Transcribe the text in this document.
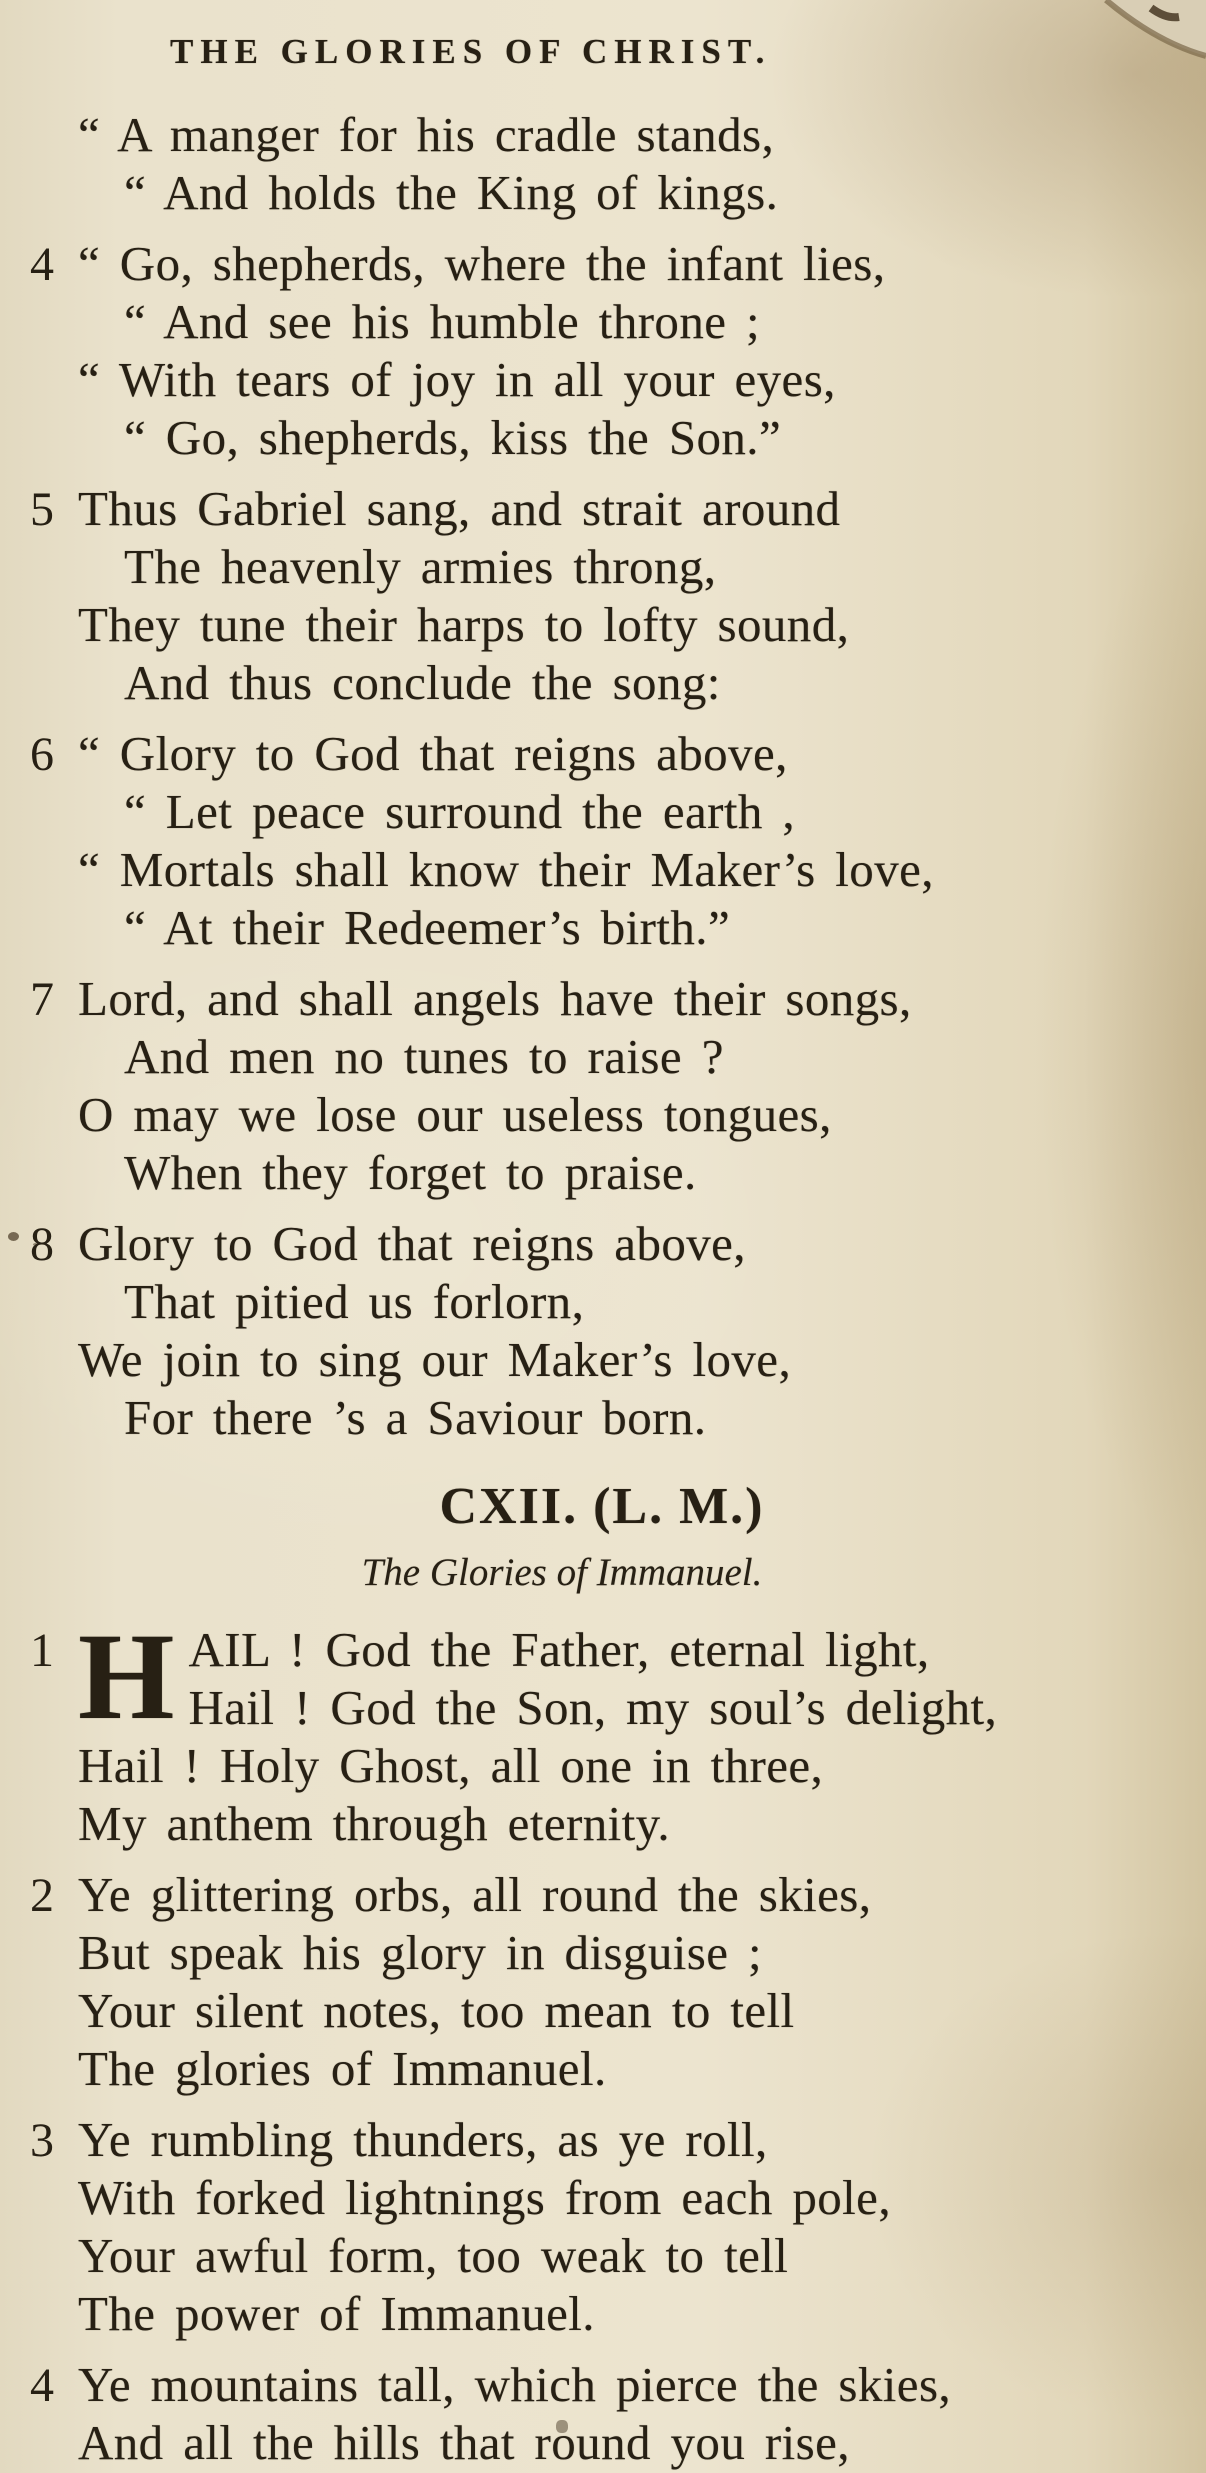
THE GLORIES OF CHRIST.
“ A manger for his cradle stands,
“ And holds the King of kings.
4 “ Go, shepherds, where the infant lies,
“ And see his humble throne ;
“ With tears of joy in all your eyes,
“ Go, shepherds, kiss the Son.”
5 Thus Gabriel sang, and strait around
The heavenly armies throng,
They tune their harps to lofty sound,
And thus conclude the song:
6 “ Glory to God that reigns above,
“ Let peace surround the earth ,
“ Mortals shall know their Maker’s love,
“ At their Redeemer’s birth.”
7 Lord, and shall angels have their songs,
And men no tunes to raise ?
O may we lose our useless tongues,
When they forget to praise.
8 Glory to God that reigns above,
That pitied us forlorn,
We join to sing our Maker’s love,
For there ’s a Saviour born.
CXII. (L. M.)
The Glories of Immanuel.
1 H AIL ! God the Father, eternal light,
Hail ! God the Son, my soul’s delight,
Hail ! Holy Ghost, all one in three,
My anthem through eternity.
2 Ye glittering orbs, all round the skies,
But speak his glory in disguise ;
Your silent notes, too mean to tell
The glories of Immanuel.
3 Ye rumbling thunders, as ye roll,
With forked lightnings from each pole,
Your awful form, too weak to tell
The power of Immanuel.
4 Ye mountains tall, which pierce the skies,
And all the hills that round you rise,
